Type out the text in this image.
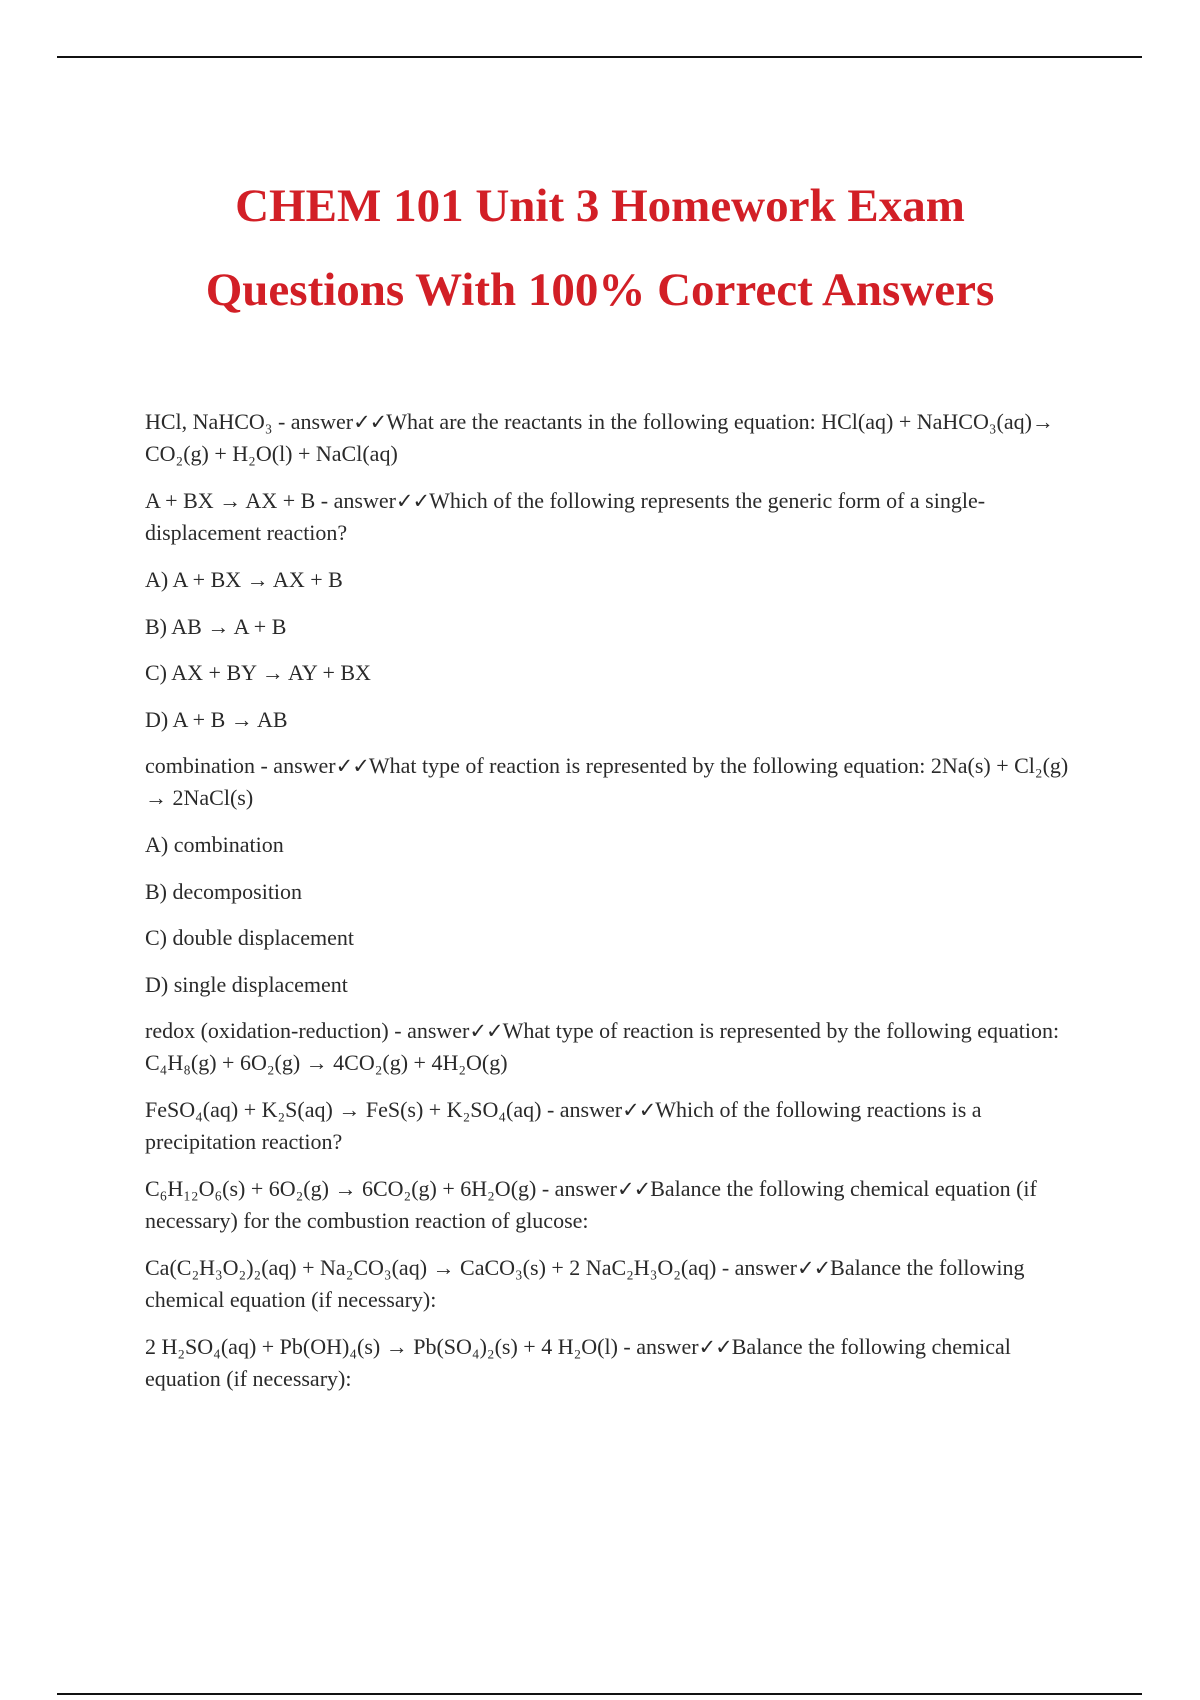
CHEM 101 Unit 3 Homework Exam
Questions With 100% Correct Answers

HCl, NaHCO₃ - answer✓✓What are the reactants in the following equation: HCl(aq) + NaHCO₃(aq)→ CO₂(g) + H₂O(l) + NaCl(aq)

A + BX → AX + B - answer✓✓Which of the following represents the generic form of a single-displacement reaction?

A) A + BX → AX + B

B) AB → A + B

C) AX + BY → AY + BX

D) A + B → AB

combination - answer✓✓What type of reaction is represented by the following equation: 2Na(s) + Cl₂(g) → 2NaCl(s)

A) combination

B) decomposition

C) double displacement

D) single displacement

redox (oxidation-reduction) - answer✓✓What type of reaction is represented by the following equation: C₄H₈(g) + 6O₂(g) → 4CO₂(g) + 4H₂O(g)

FeSO₄(aq) + K₂S(aq) → FeS(s) + K₂SO₄(aq) - answer✓✓Which of the following reactions is a precipitation reaction?

C₆H₁₂O₆(s) + 6O₂(g) → 6CO₂(g) + 6H₂O(g) - answer✓✓Balance the following chemical equation (if necessary) for the combustion reaction of glucose:

Ca(C₂H₃O₂)₂(aq) + Na₂CO₃(aq) → CaCO₃(s) + 2 NaC₂H₃O₂(aq) - answer✓✓Balance the following chemical equation (if necessary):

2 H₂SO₄(aq) + Pb(OH)₄(s) → Pb(SO₄)₂(s) + 4 H₂O(l) - answer✓✓Balance the following chemical equation (if necessary):
